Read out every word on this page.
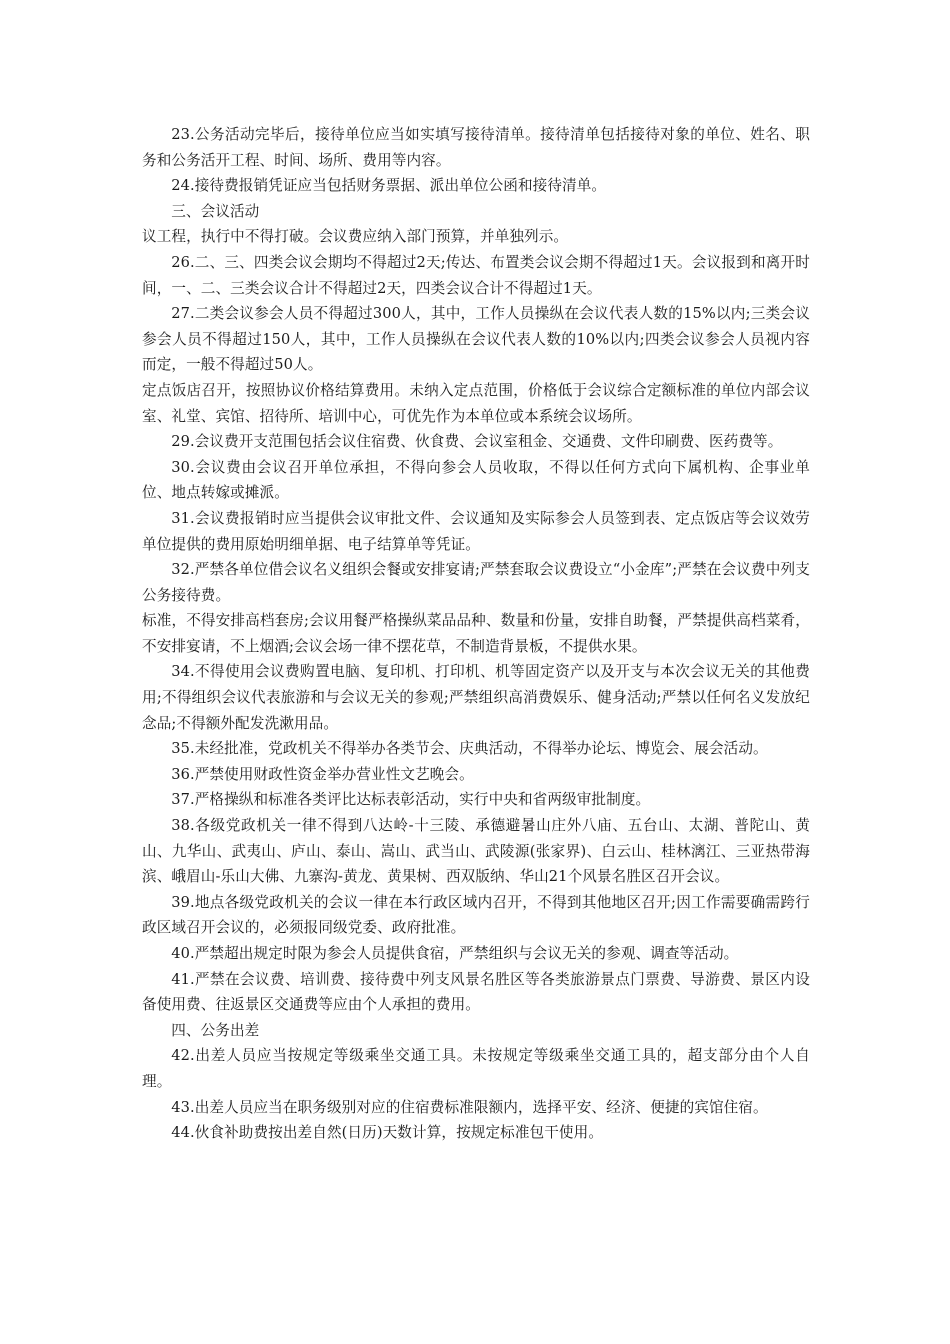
23.公务活动完毕后，接待单位应当如实填写接待清单。接待清单包括接待对象的单位、姓名、职务和公务活开工程、时间、场所、费用等内容。

24.接待费报销凭证应当包括财务票据、派出单位公函和接待清单。

三、会议活动

议工程，执行中不得打破。会议费应纳入部门预算，并单独列示。

26.二、三、四类会议会期均不得超过2天;传达、布置类会议会期不得超过1天。会议报到和离开时间，一、二、三类会议合计不得超过2天，四类会议合计不得超过1天。

27.二类会议参会人员不得超过300人，其中，工作人员操纵在会议代表人数的15%以内;三类会议参会人员不得超过150人，其中，工作人员操纵在会议代表人数的10%以内;四类会议参会人员视内容而定，一般不得超过50人。

定点饭店召开，按照协议价格结算费用。未纳入定点范围，价格低于会议综合定额标准的单位内部会议室、礼堂、宾馆、招待所、培训中心，可优先作为本单位或本系统会议场所。

29.会议费开支范围包括会议住宿费、伙食费、会议室租金、交通费、文件印刷费、医药费等。

30.会议费由会议召开单位承担，不得向参会人员收取，不得以任何方式向下属机构、企事业单位、地点转嫁或摊派。

31.会议费报销时应当提供会议审批文件、会议通知及实际参会人员签到表、定点饭店等会议效劳单位提供的费用原始明细单据、电子结算单等凭证。

32.严禁各单位借会议名义组织会餐或安排宴请;严禁套取会议费设立“小金库”;严禁在会议费中列支公务接待费。

标准，不得安排高档套房;会议用餐严格操纵菜品品种、数量和份量，安排自助餐，严禁提供高档菜肴，不安排宴请，不上烟酒;会议会场一律不摆花草，不制造背景板，不提供水果。

34.不得使用会议费购置电脑、复印机、打印机、机等固定资产以及开支与本次会议无关的其他费用;不得组织会议代表旅游和与会议无关的参观;严禁组织高消费娱乐、健身活动;严禁以任何名义发放纪念品;不得额外配发洗漱用品。

35.未经批准，党政机关不得举办各类节会、庆典活动，不得举办论坛、博览会、展会活动。

36.严禁使用财政性资金举办营业性文艺晚会。

37.严格操纵和标准各类评比达标表彰活动，实行中央和省两级审批制度。

38.各级党政机关一律不得到八达岭-十三陵、承德避暑山庄外八庙、五台山、太湖、普陀山、黄山、九华山、武夷山、庐山、泰山、嵩山、武当山、武陵源(张家界)、白云山、桂林漓江、三亚热带海滨、峨眉山-乐山大佛、九寨沟-黄龙、黄果树、西双版纳、华山21个风景名胜区召开会议。

39.地点各级党政机关的会议一律在本行政区域内召开，不得到其他地区召开;因工作需要确需跨行政区域召开会议的，必须报同级党委、政府批准。

40.严禁超出规定时限为参会人员提供食宿，严禁组织与会议无关的参观、调查等活动。

41.严禁在会议费、培训费、接待费中列支风景名胜区等各类旅游景点门票费、导游费、景区内设备使用费、往返景区交通费等应由个人承担的费用。

四、公务出差

42.出差人员应当按规定等级乘坐交通工具。未按规定等级乘坐交通工具的，超支部分由个人自理。

43.出差人员应当在职务级别对应的住宿费标准限额内，选择平安、经济、便捷的宾馆住宿。

44.伙食补助费按出差自然(日历)天数计算，按规定标准包干使用。
